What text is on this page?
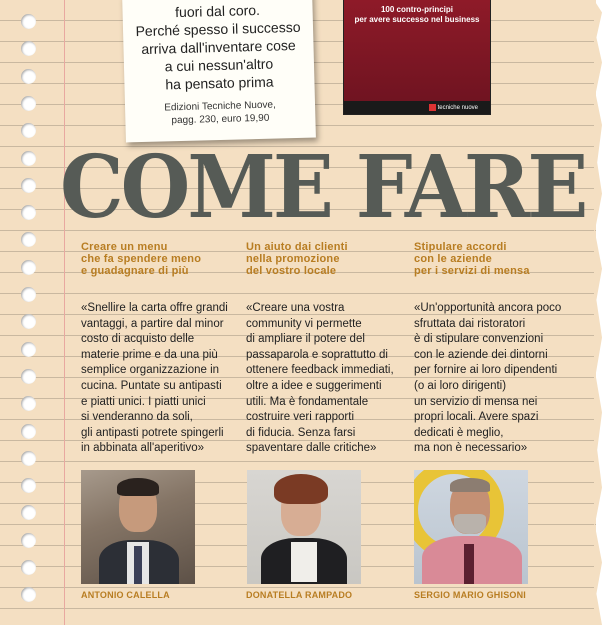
fuori dal coro.
Perché spesso il successo
arriva dall'inventare cose
a cui nessun'altro
ha pensato prima
Edizioni Tecniche Nuove,
pagg. 230, euro 19,90
100 contro-principi
per avere successo nel business
tecniche nuove
COME FARE
Creare un menu
che fa spendere meno
e guadagnare di più
«Snellire la carta offre grandi
vantaggi, a partire dal minor
costo di acquisto delle
materie prime e da una più
semplice organizzazione in
cucina. Puntate su antipasti
e piatti unici. I piatti unici
si venderanno da soli,
gli antipasti potrete spingerli
in abbinata all'aperitivo»
Un aiuto dai clienti
nella promozione
del vostro locale
«Creare una vostra
community vi permette
di ampliare il potere del
passaparola e soprattutto di
ottenere feedback immediati,
oltre a idee e suggerimenti
utili. Ma è fondamentale
costruire veri rapporti
di fiducia. Senza farsi
spaventare dalle critiche»
Stipulare accordi
con le aziende
per i servizi di mensa
«Un'opportunità ancora poco
sfruttata dai ristoratori
è di stipulare convenzioni
con le aziende dei dintorni
per fornire ai loro dipendenti
(o ai loro dirigenti)
un servizio di mensa nei
propri locali. Avere spazi
dedicati è meglio,
ma non è necessario»
ANTONIO CALELLA	DONATELLA RAMPADO	SERGIO MARIO GHISONI
